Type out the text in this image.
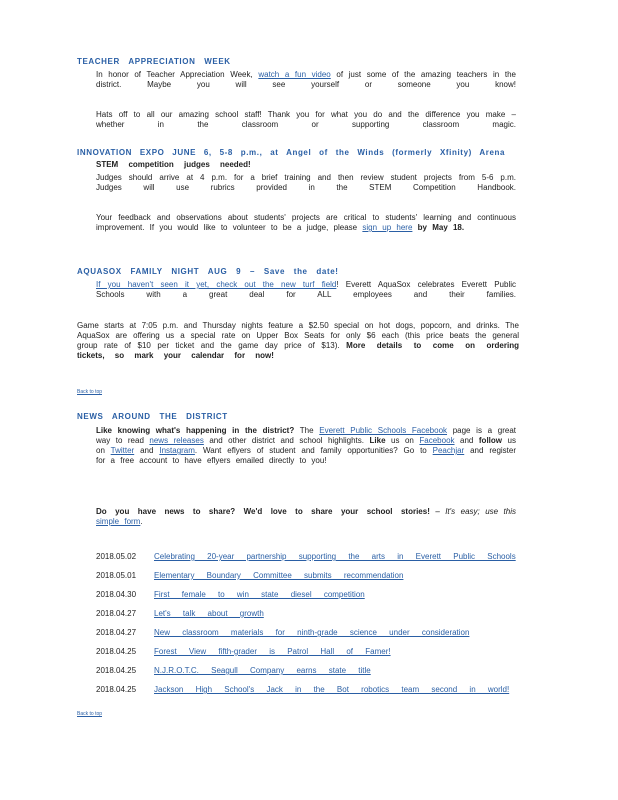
TEACHER APPRECIATION WEEK
In honor of Teacher Appreciation Week, watch a fun video of just some of the amazing teachers in the district. Maybe you will see yourself or someone you know!
Hats off to all our amazing school staff! Thank you for what you do and the difference you make – whether in the classroom or supporting classroom magic.
INNOVATION EXPO JUNE 6, 5-8 p.m., at Angel of the Winds (formerly Xfinity) Arena
STEM competition judges needed!
Judges should arrive at 4 p.m. for a brief training and then review student projects from 5-6 p.m. Judges will use rubrics provided in the STEM Competition Handbook.
Your feedback and observations about students' projects are critical to students' learning and continuous improvement. If you would like to volunteer to be a judge, please sign up here by May 18.
AQUASOX FAMILY NIGHT AUG 9 – Save the date!
If you haven't seen it yet, check out the new turf field! Everett AquaSox celebrates Everett Public Schools with a great deal for ALL employees and their families.
Game starts at 7:05 p.m. and Thursday nights feature a $2.50 special on hot dogs, popcorn, and drinks. The AquaSox are offering us a special rate on Upper Box Seats for only $6 each (this price beats the general group rate of $10 per ticket and the game day price of $13). More details to come on ordering tickets, so mark your calendar for now!
Back to top
NEWS AROUND THE DISTRICT
Like knowing what's happening in the district? The Everett Public Schools Facebook page is a great way to read news releases and other district and school highlights. Like us on Facebook and follow us on Twitter and Instagram. Want eflyers of student and family opportunities? Go to Peachjar and register for a free account to have eflyers emailed directly to you!
Do you have news to share? We'd love to share your school stories! – It's easy; use this simple form.
2018.05.02 Celebrating 20-year partnership supporting the arts in Everett Public Schools
2018.05.01 Elementary Boundary Committee submits recommendation
2018.04.30 First female to win state diesel competition
2018.04.27 Let's talk about growth
2018.04.27 New classroom materials for ninth-grade science under consideration
2018.04.25 Forest View fifth-grader is Patrol Hall of Famer!
2018.04.25 N.J.R.O.T.C. Seagull Company earns state title
2018.04.25 Jackson High School's Jack in the Bot robotics team second in world!
Back to top
